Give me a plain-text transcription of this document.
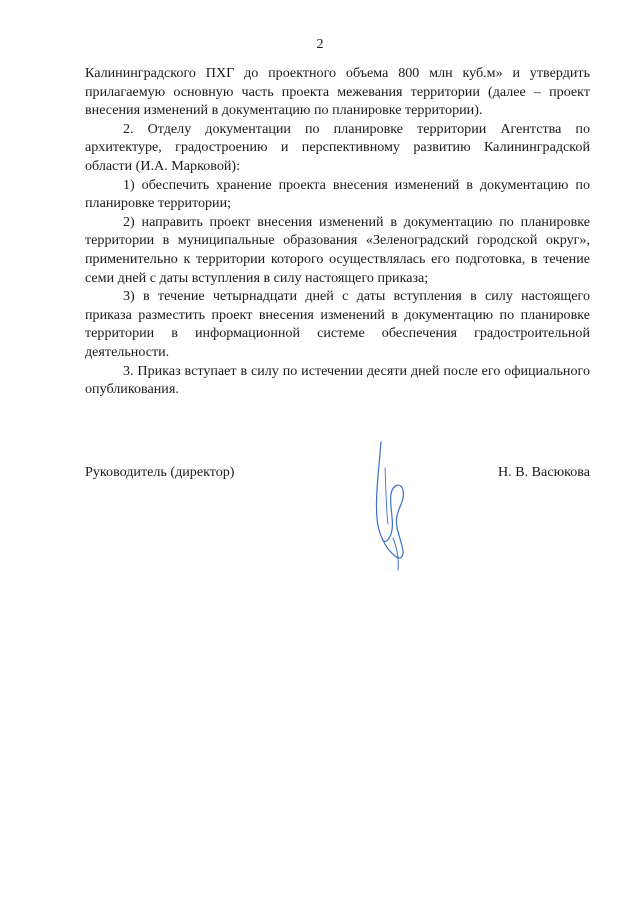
2

Калининградского ПХГ до проектного объема 800 млн куб.м» и утвердить прилагаемую основную часть проекта межевания территории (далее – проект внесения изменений в документацию по планировке территории).

2. Отделу документации по планировке территории Агентства по архитектуре, градостроению и перспективному развитию Калининградской области (И.А. Марковой):

1) обеспечить хранение проекта внесения изменений в документацию по планировке территории;

2) направить проект внесения изменений в документацию по планировке территории в муниципальные образования «Зеленоградский городской округ», применительно к территории которого осуществлялась его подготовка, в течение семи дней с даты вступления в силу настоящего приказа;

3) в течение четырнадцати дней с даты вступления в силу настоящего приказа разместить проект внесения изменений в документацию по планировке территории в информационной системе обеспечения градостроительной деятельности.

3. Приказ вступает в силу по истечении десяти дней после его официального опубликования.

Руководитель (директор)	Н. В. Васюкова
